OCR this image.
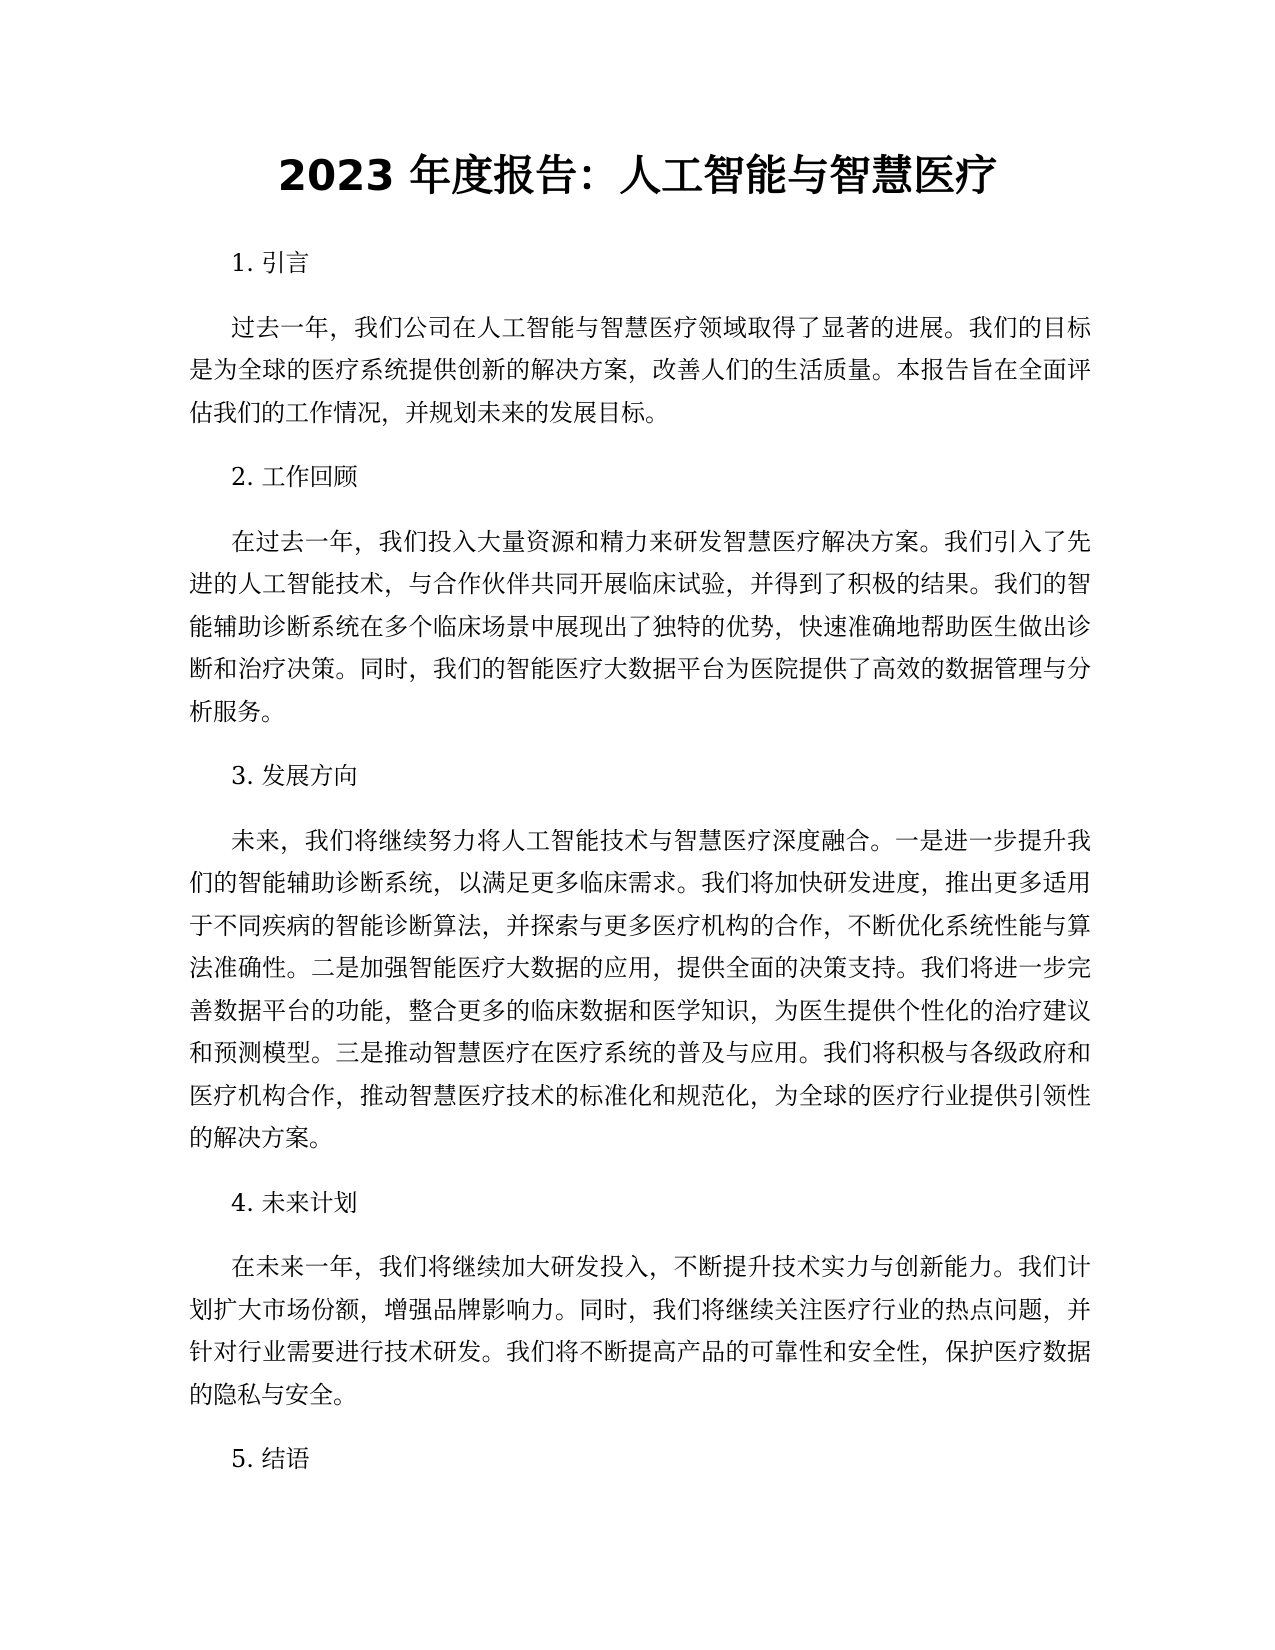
2023 年度报告：人工智能与智慧医疗

1. 引言

过去一年，我们公司在人工智能与智慧医疗领域取得了显著的进展。我们的目标是为全球的医疗系统提供创新的解决方案，改善人们的生活质量。本报告旨在全面评估我们的工作情况，并规划未来的发展目标。

2. 工作回顾

在过去一年，我们投入大量资源和精力来研发智慧医疗解决方案。我们引入了先进的人工智能技术，与合作伙伴共同开展临床试验，并得到了积极的结果。我们的智能辅助诊断系统在多个临床场景中展现出了独特的优势，快速准确地帮助医生做出诊断和治疗决策。同时，我们的智能医疗大数据平台为医院提供了高效的数据管理与分析服务。

3. 发展方向

未来，我们将继续努力将人工智能技术与智慧医疗深度融合。一是进一步提升我们的智能辅助诊断系统，以满足更多临床需求。我们将加快研发进度，推出更多适用于不同疾病的智能诊断算法，并探索与更多医疗机构的合作，不断优化系统性能与算法准确性。二是加强智能医疗大数据的应用，提供全面的决策支持。我们将进一步完善数据平台的功能，整合更多的临床数据和医学知识，为医生提供个性化的治疗建议和预测模型。三是推动智慧医疗在医疗系统的普及与应用。我们将积极与各级政府和医疗机构合作，推动智慧医疗技术的标准化和规范化，为全球的医疗行业提供引领性的解决方案。

4. 未来计划

在未来一年，我们将继续加大研发投入，不断提升技术实力与创新能力。我们计划扩大市场份额，增强品牌影响力。同时，我们将继续关注医疗行业的热点问题，并针对行业需要进行技术研发。我们将不断提高产品的可靠性和安全性，保护医疗数据的隐私与安全。

5. 结语
